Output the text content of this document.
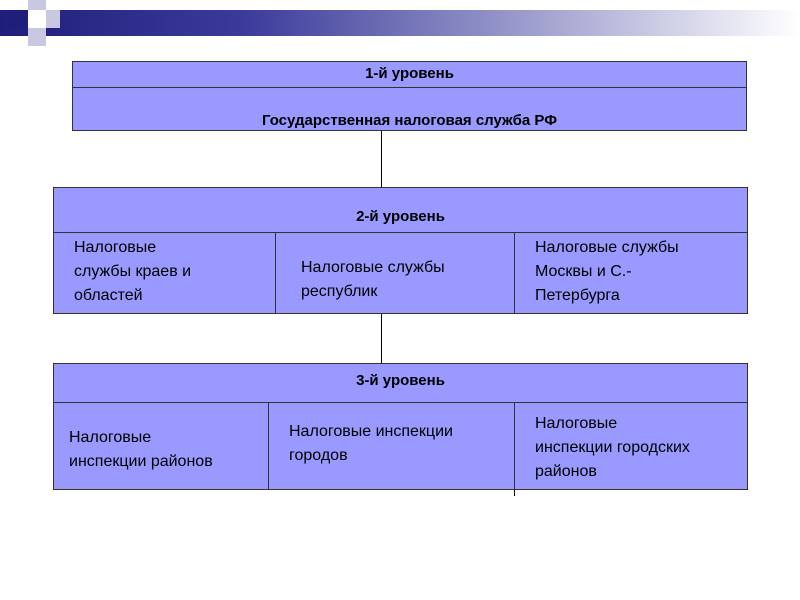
1-й уровень
Государственная налоговая служба РФ
2-й уровень
Налоговые
службы краев и
областей
Налоговые службы
республик
Налоговые службы
Москвы и С.-
Петербурга
3-й уровень
Налоговые
инспекции районов
Налоговые инспекции
городов
Налоговые
инспекции городских
районов
